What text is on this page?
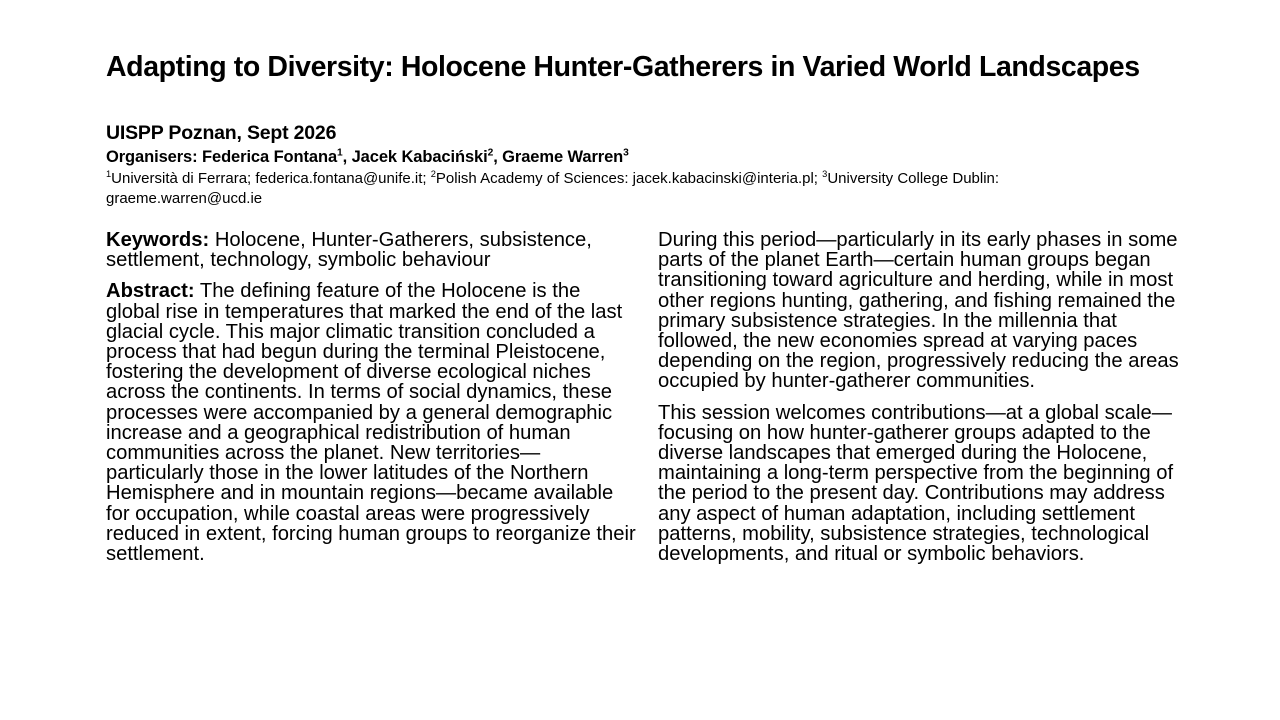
Adapting to Diversity: Holocene Hunter-Gatherers in Varied World Landscapes
UISPP Poznan, Sept 2026
Organisers: Federica Fontana$^1$, Jacek Kabaciński$^2$, Graeme Warren$^3$
$^1$Università di Ferrara; federica.fontana@unife.it; $^2$Polish Academy of Sciences: jacek.kabacinski@interia.pl; $^3$University College Dublin: graeme.warren@ucd.ie

Keywords: Holocene, Hunter-Gatherers, subsistence, settlement, technology, symbolic behaviour

Abstract: The defining feature of the Holocene is the global rise in temperatures that marked the end of the last glacial cycle. This major climatic transition concluded a process that had begun during the terminal Pleistocene, fostering the development of diverse ecological niches across the continents. In terms of social dynamics, these processes were accompanied by a general demographic increase and a geographical redistribution of human communities across the planet. New territories—particularly those in the lower latitudes of the Northern Hemisphere and in mountain regions—became available for occupation, while coastal areas were progressively reduced in extent, forcing human groups to reorganize their settlement.

During this period—particularly in its early phases in some parts of the planet Earth—certain human groups began transitioning toward agriculture and herding, while in most other regions hunting, gathering, and fishing remained the primary subsistence strategies. In the millennia that followed, the new economies spread at varying paces depending on the region, progressively reducing the areas occupied by hunter-gatherer communities.

This session welcomes contributions—at a global scale—focusing on how hunter-gatherer groups adapted to the diverse landscapes that emerged during the Holocene, maintaining a long-term perspective from the beginning of the period to the present day. Contributions may address any aspect of human adaptation, including settlement patterns, mobility, subsistence strategies, technological developments, and ritual or symbolic behaviors.
